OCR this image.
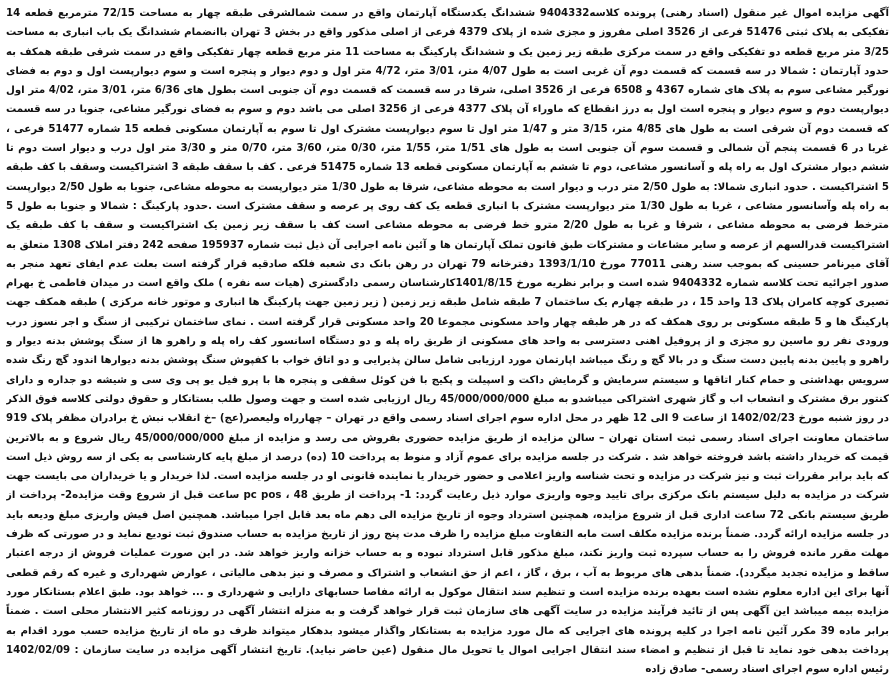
آگهی مزایده اموال غیر منقول (اسناد رهنی) پرونده کلاسه9404332 ششدانگ یکدستگاه آپارتمان واقع در سمت شمالشرقی طبقه چهار به مساحت 72/15 مترمربع قطعه 14 تفکیکی به پلاک ثبتی 51476 فرعی از 3526 اصلی مفروز و مجزی شده از پلاک 4379 فرعی از اصلی مذکور واقع در بخش 3 تهران باانضمام ششدانگ یک باب انباری به مساحت 3/25 متر مربع قطعه دو تفکیکی واقع در سمت مرکزی طبقه زیر زمین یک و ششدانگ پارکینگ به مساحت 11 متر مربع قطعه چهار تفکیکی واقع در سمت شرقی طبقه همکف به حدود آپارتمان : شمالا در سه قسمت که قسمت دوم آن غربی است به طول 4/07 متر، 3/01 متر، 4/72 متر اول و دوم دیوار و پنجره است و سوم دیوارپست اول و دوم به فضای نورگیر مشاعی سوم به پلاک های شماره 4367 و 6508 فرعی از 3526 اصلی، شرقا در سه قسمت که قسمت دوم آن جنوبی است بطول های 6/36 متر، 3/01 متر، 4/02 متر اول دیوارپست دوم و سوم دیوار و پنجره است اول به درز انقطاع که ماوراء آن پلاک 4377 فرعی از 3256 اصلی می باشد دوم و سوم به فضای نورگیر مشاعی، جنوبا در سه قسمت که قسمت دوم آن شرقی است به طول های 4/85 متر، 3/15 متر و 1/47 متر اول تا سوم دیوارپست مشترک اول تا سوم به آپارتمان مسکونی قطعه 15 شماره 51477 فرعی ، غربا در 6 قسمت پنجم آن شمالی و قسمت سوم آن جنوبی است به طول های 1/51 متر، 1/55 متر، 0/30 متر، 3/60 متر، 0/70 متر و 3/30 متر اول درب و دیوار است دوم تا ششم دیوار مشترک اول به راه پله و آسانسور مشاعی، دوم تا ششم به آپارتمان مسکونی قطعه 13 شماره 51475 فرعی . کف با سقف طبقه 3 اشتراکیست وسقف با کف طبقه 5 اشتراکیست . حدود انباری شمالا: به طول 2/50 متر درب و دیوار است به محوطه مشاعی، شرقا به طول 1/30 متر دیوارپست به محوطه مشاعی، جنوبا به طول 2/50 دیوارپست به راه پله وآسانسور مشاعی ، غربا به طول 1/30 متر دیوارپست مشترک با انباری قطعه یک کف روی پر عرصه و سقف مشترک است .حدود پارکینگ : شمالا و جنوبا به طول 5 مترخط فرضی به محوطه مشاعی ، شرقا و غربا به طول 2/20 مترو خط فرضی به محوطه مشاعی است کف با سقف زیر زمین یک اشتراکیست و سقف با کف طبقه یک اشتراکیست قدرالسهم از عرصه و سایر مشاعات و مشترکات طبق قانون تملک آپارتمان ها و آئین نامه اجرایی آن ذیل ثبت شماره 195937 صفحه 242 دفتر املاک 1308 متعلق به آقای میرنامر حسینی که بموجب سند رهنی 77011 مورخ 1393/1/10 دفترخانه 79 تهران در رهن بانک دی شعبه فلکه صادقیه قرار گرفته است بعلت عدم ایفای تعهد منجر به صدور اجرائیه تحت کلاسه شماره 9404332 شده است و برابر نظریه مورخ 1401/8/15کارشناسان رسمی دادگستری (هیات سه نفره ) ملک واقع است در میدان فاطمی خ بهرام تصیری کوچه کامران پلاک 13 واحد 15 ، در طبقه چهارم یک ساختمان 7 طبقه شامل طبقه زیر زمین ( زیر زمین جهت پارکینگ ها انباری و موتور خانه مرکزی ) طبقه همکف جهت پارکینگ ها و 5 طبقه مسکونی بر روی همکف که در هر طبقه چهار واحد مسکونی مجموعا 20 واحد مسکونی قرار گرفته است . نمای ساختمان ترکیبی از سنگ و اجر نسوز درب ورودی نفر رو ماسین رو مجزی و از پروفیل اهنی دسترسی به واحد های مسکونی از طریق راه پله و دو دستگاه اسانسور کف راه پله و راهرو ها از سنگ پوشش بدنه دیوار و راهرو و پایین بدنه پایین دست سنگ و در بالا گچ و رنگ میباشد اپارتمان مورد ارزیابی شامل سالن پذیرایی و دو اتاق خواب با کفپوش سنگ پوشش بدنه دیوارها اندود گچ رنگ شده سرویس بهداشتی و حمام کنار اتاقها و سیستم سرمایش و گرمایش داکت و اسپیلت و پکیج با فن کوئل سقفی و پنجره ها با پرو فیل یو پی وی سی و شیشه دو جداره و دارای کنتور برق مشترک و انشعاب اب و گاز شهری اشتراکی میباشدو به مبلغ 45/000/000/000 ریال ارزیابی شده است و جهت وصول طلب بستانکار و حقوق دولتی کلاسه فوق الذکر در روز شنبه مورخ 1402/02/23 از ساعت 9 الی 12 ظهر در محل اداره سوم اجرای اسناد رسمی واقع در تهران – چهارراه ولیعصر(عج) –خ انقلاب نبش خ برادران مظفر پلاک 919 ساختمان معاونت اجرای اسناد رسمی ثبت استان تهران – سالن مزایده از طریق مزایده حضوری بفروش می رسد و مزایده از مبلغ 45/000/000/000 ریال شروع و به بالاترین قیمت که خریدار داشته باشد فروخته خواهد شد . شرکت در جلسه مزایده برای عموم آزاد و منوط به پرداخت 10 (ده) درصد از مبلغ پایه کارشناسی به یکی از سه روش ذیل است که باید برابر مقررات ثبت و نیز شرکت در مزایده و تحت شناسه واریز اعلامی و حضور خریدار یا نماینده قانونی او در جلسه مزایده است. لذا خریدار و یا خریداران می بایست جهت شرکت در مزایده به دلیل سیستم بانک مرکزی برای تایید وجوه واریزی موارد ذیل رعایت گردد: 1- پرداخت از طریق pc pos ، 48 ساعت قبل از شروع وقت مزایده2- پرداخت از طریق سیستم بانکی 72 ساعت اداری قبل از شروع مزایده، همچنین استرداد وجوه از تاریخ مزایده الی دهم ماه بعد قابل اجرا میباشد. همچنین اصل فیش واریزی مبلغ ودیعه باید در جلسه مزایده ارائه گردد. ضمناً برنده مزایده مکلف است مابه التفاوت مبلغ مزایده را ظرف مدت پنج روز از تاریخ مزایده به حساب صندوق ثبت تودیع نماید و در صورتی که ظرف مهلت مقرر مانده فروش را به حساب سپرده ثبت واریز نکند، مبلغ مذکور قابل استرداد نبوده و به حساب خزانه واریز خواهد شد. در این صورت عملیات فروش از درجه اعتبار ساقط و مزایده تجدید میگردد). ضمناً بدهی های مربوط به آب ، برق ، گاز ، اعم از حق انشعاب و اشتراک و مصرف و نیز بدهی مالیاتی ، عوارض شهرداری و غیره که رقم قطعی آنها برای این اداره معلوم نشده است بعهده برنده مزایده است و تنظیم سند انتقال موکول به ارائه مفاصا حسابهای دارایی و شهرداری و ... خواهد بود. طبق اعلام بستانکار مورد مزایده بیمه میباشد این آگهی پس از تائید فرآیند مزایده در سایت آگهی های سازمان ثبت قرار خواهد گرفت و به منزله انتشار آگهی در روزنامه کثیر الانتشار محلی است . ضمناً برابر ماده 39 مکرر آئین نامه اجرا در کلیه پرونده های اجرایی که مال مورد مزایده به بستانکار واگذار میشود بدهکار میتواند ظرف دو ماه از تاریخ مزایده حسب مورد اقدام به پرداخت بدهی خود نماید تا قبل از تنظیم و امضاء سند انتقال اجرایی اموال یا تحویل مال منقول (عین حاضر نیاید). تاریخ انتشار آگهی مزایده در سایت سازمان : 1402/02/09 رئیس اداره سوم اجرای اسناد رسمی- صادق زاده
